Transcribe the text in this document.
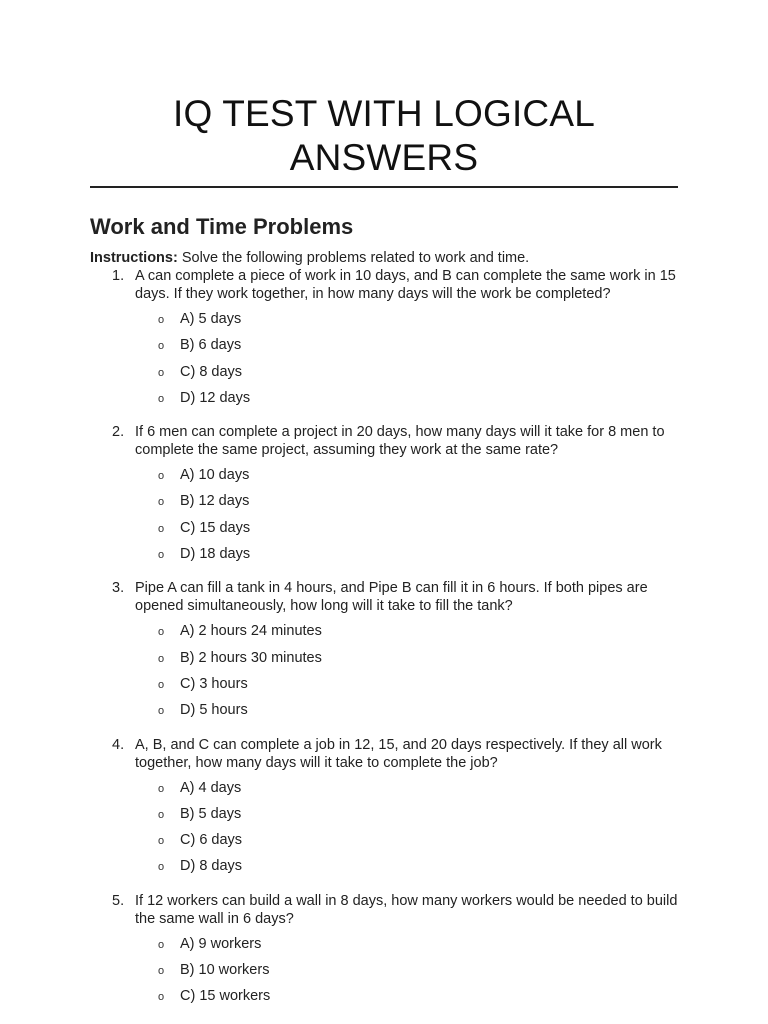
IQ TEST WITH LOGICAL ANSWERS
Work and Time Problems
Instructions: Solve the following problems related to work and time.
1. A can complete a piece of work in 10 days, and B can complete the same work in 15 days. If they work together, in how many days will the work be completed?
o A) 5 days
o B) 6 days
o C) 8 days
o D) 12 days
2. If 6 men can complete a project in 20 days, how many days will it take for 8 men to complete the same project, assuming they work at the same rate?
o A) 10 days
o B) 12 days
o C) 15 days
o D) 18 days
3. Pipe A can fill a tank in 4 hours, and Pipe B can fill it in 6 hours. If both pipes are opened simultaneously, how long will it take to fill the tank?
o A) 2 hours 24 minutes
o B) 2 hours 30 minutes
o C) 3 hours
o D) 5 hours
4. A, B, and C can complete a job in 12, 15, and 20 days respectively. If they all work together, how many days will it take to complete the job?
o A) 4 days
o B) 5 days
o C) 6 days
o D) 8 days
5. If 12 workers can build a wall in 8 days, how many workers would be needed to build the same wall in 6 days?
o A) 9 workers
o B) 10 workers
o C) 15 workers
